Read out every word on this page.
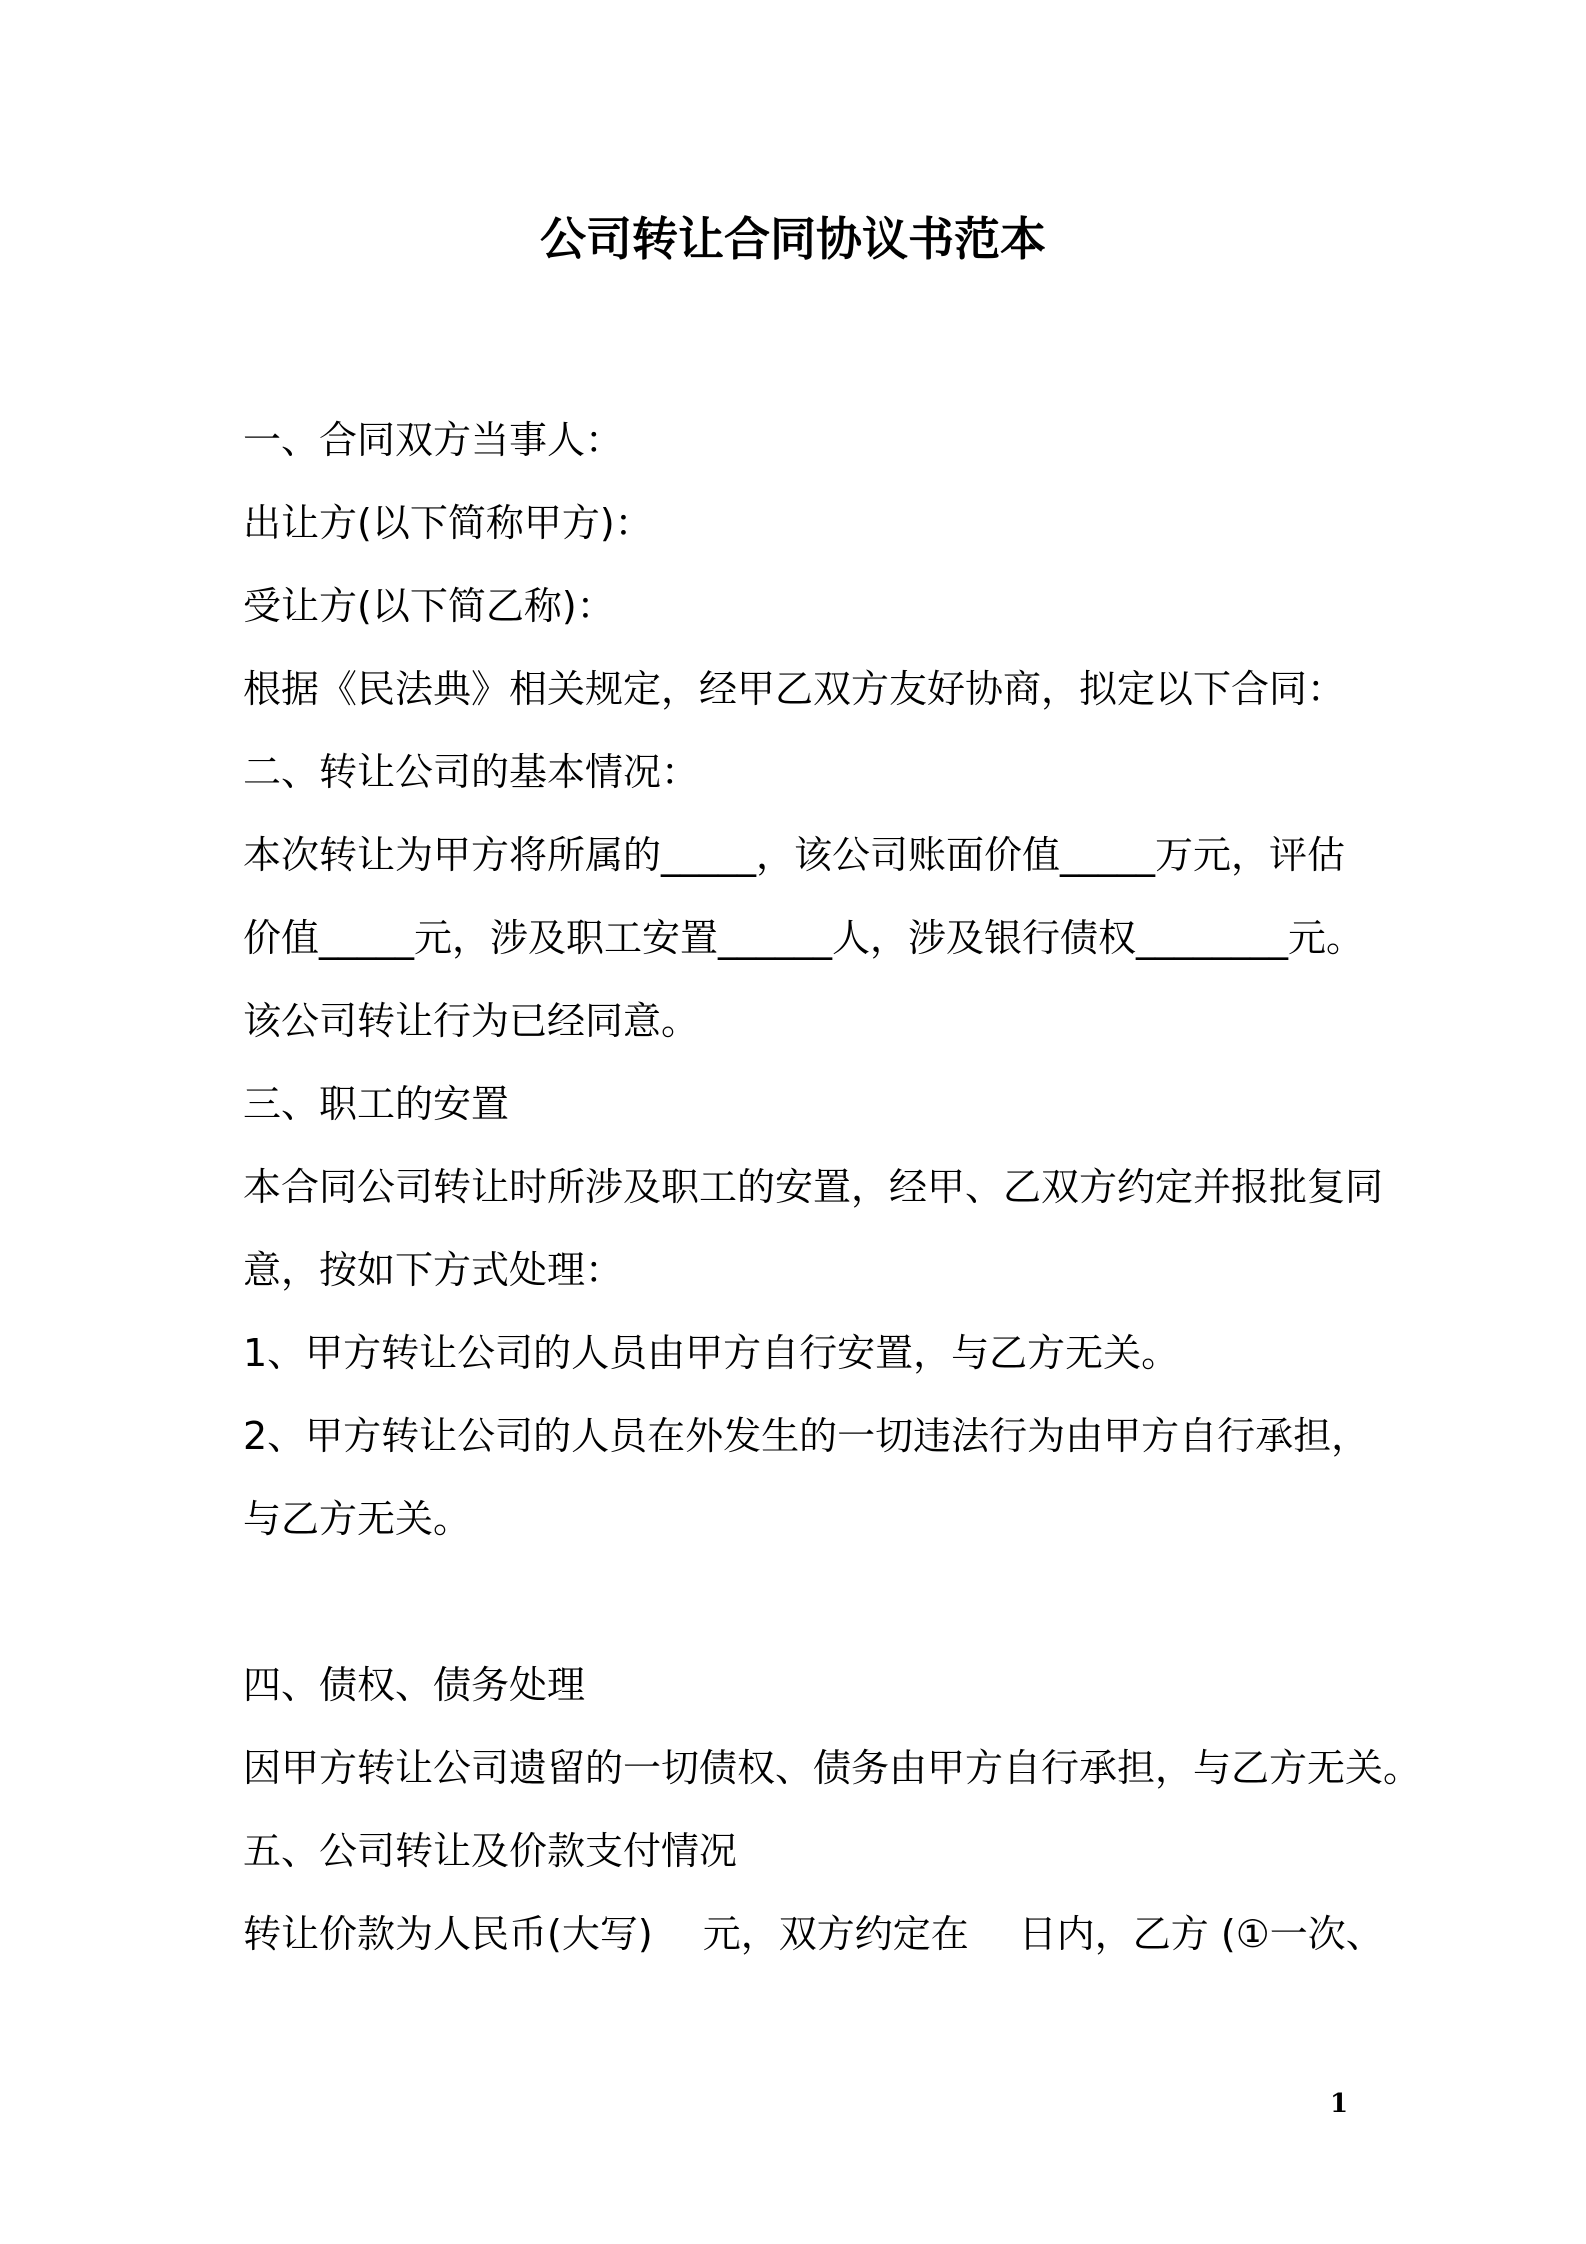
公司转让合同协议书范本

一、合同双方当事人：

出让方(以下简称甲方)：

受让方(以下简乙称)：

根据《民法典》相关规定，经甲乙双方友好协商，拟定以下合同：

二、转让公司的基本情况：

本次转让为甲方将所属的_____，该公司账面价值_____万元，评估

价值_____元，涉及职工安置______人，涉及银行债权________元。

该公司转让行为已经同意。

三、职工的安置

本合同公司转让时所涉及职工的安置，经甲、乙双方约定并报批复同

意，按如下方式处理：

1、甲方转让公司的人员由甲方自行安置，与乙方无关。

2、甲方转让公司的人员在外发生的一切违法行为由甲方自行承担，

与乙方无关。

四、债权、债务处理

因甲方转让公司遗留的一切债权、债务由甲方自行承担，与乙方无关。

五、公司转让及价款支付情况

转让价款为人民币(大写)　 元，双方约定在　 日内，乙方 (①一次、

1
